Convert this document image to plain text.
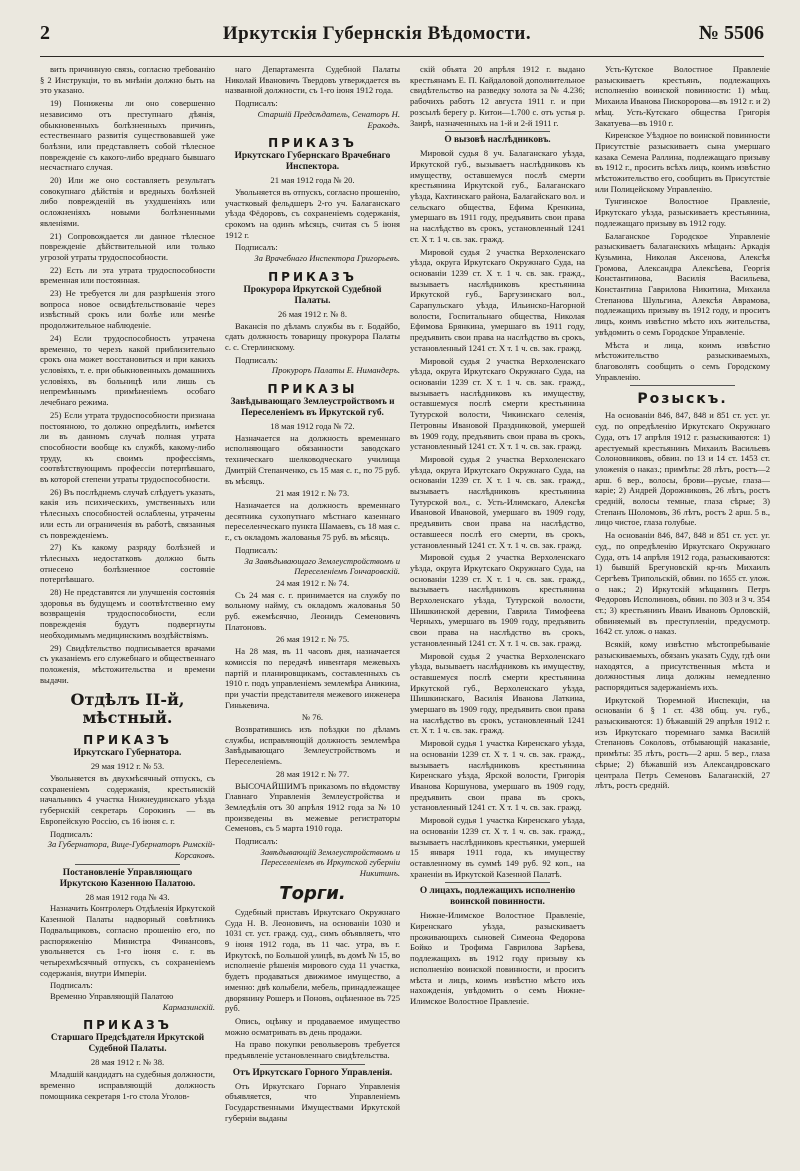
2	Иркутскія Губернскія Вѣдомости.	№ 5506

вить причинную связь, согласно требованію § 2 Инструкціи, то въ мнѣніи должно быть на это указано.

19) Понижены ли оно совершенно независимо отъ преступнаго дѣянія, обыкновенныхъ болѣзненныхъ причинъ, естественнаго развитія существовавшей уже болѣзни, или представляетъ собой тѣлесное поврежденіе съ какого-либо вреднаго бывшаго несчастнаго случая.

20) Или же оно составляетъ результатъ совокупнаго дѣйствія и вредныхъ болѣзней либо поврежденій въ ухудшеніяхъ или осложненіяхъ новыми болѣзненными явленіями.

21) Сопровождается ли данное тѣлесное поврежденіе дѣйствительной или только угрозой утраты трудоспособности.

22) Есть ли эта утрата трудоспособности временная или постоянная.

23) Не требуется ли для разрѣшенія этого вопроса новое освидѣтельствованіе через извѣстный срокъ или болѣе или менѣе продолжительное наблюденіе.

24) Если трудоспособность утрачена временно, то черезъ какой приблизительно срокъ она может восстановиться и при какихъ условіяхъ, т. е. при обыкновенныхъ домашнихъ условіяхъ, въ больницѣ или лишь съ непремѣннымъ примѣненіемъ особаго лечебнаго режима.

25) Если утрата трудоспособности признана постоянною, то должно опредѣлить, имѣется ли въ данномъ случаѣ полная утрата способности вообще къ службѣ, какому-либо труду, къ своимъ профессіямъ, соотвѣтствующимъ профессіи потерпѣвшаго, въ которой степени утраты трудоспособности.

26) Въ послѣднемъ случаѣ слѣдуетъ указать, какія изъ психическихъ, умственныхъ или тѣлесныхъ способностей ослаблены, утрачены или есть ли ограниченія въ работѣ, связанныя съ поврежденіемъ.

27) Къ какому разряду болѣзней и тѣлесныхъ недостатковъ должно быть отнесено болѣзненное состояніе потерпѣвшаго.

28) Не представятся ли улучшенія состоянія здоровья въ будущемъ и соотвѣтственно ему возвращенія трудоспособности, если поврежденія будутъ подвергнуты необходимымъ медицинскимъ воздѣйствіямъ.

29) Свидѣтельство подписывается врачами съ указаніемъ его служебнаго и общественнаго положенія, мѣстожительства и времени выдачи.

Отдѣлъ II-й, мѣстный.
ПРИКАЗЪ
Иркутскаго Губернатора.
29 мая 1912 г. № 53.

Увольняется въ двухмѣсячный отпускъ, съ сохраненіемъ содержанія, крестьянскій начальникъ 4 участка Нижнеудинскаго уѣзда губернскій секретарь Сорокинъ — въ Европейскую Россію, съ 16 іюня с. г.

Подписалъ:
За Губернатора, Вице-Губернаторъ Римскій-Корсаковъ.
Постановленіе Управляющаго Иркутскою Казенною Палатою.
28 мая 1912 года № 43.

Назначить Контролеръ Отдѣленія Иркутской Казенной Палаты надворный совѣтникъ Подвальщиковъ, согласно прошенію его, по распоряженію Министра Финансовъ, увольняется съ 1-го іюня с. г. въ четырехмѣсячный отпускъ, съ сохраненіемъ содержанія, внутри Имперіи.

Подписалъ:
Временно Управляющій Палатою
Кармазинскій.
ПРИКАЗЪ
Старшаго Предсѣдателя Иркутской Судебной Палаты.
28 мая 1912 г. № 38.

Младшій кандидатъ на судебныя должности, временно исправляющій должность помощника секретаря 1-го стола Уголов-

наго Департамента Судебной Палаты Николай Ивановичъ Твердовъ утверждается въ названной должности, съ 1-го іюня 1912 года.

Подписалъ:
Старшій Предсѣдатель, Сенаторъ Н. Еракодъ.
ПРИКАЗЪ
Иркутскаго Губернскаго Врачебнаго Инспектора.
21 мая 1912 года № 20.

Увольняется въ отпускъ, согласно прошенію, участковый фельдшеръ 2-го уч. Балаганскаго уѣзда Фёдоровъ, съ сохраненіемъ содержанія, срокомъ на одинъ мѣсяцъ, считая съ 5 іюня 1912 г.

Подписалъ:
За Врачебнаго Инспектора Григорьевъ.
ПРИКАЗЪ
Прокурора Иркутской Судебной Палаты.
26 мая 1912 г. № 8.

Вакансія по дѣламъ службы въ г. Бодайбо, сдать должность товарищу прокурора Палаты с. с. Стерлинскому.

Подписалъ:
Прокуроръ Палаты Е. Нимандеръ.
ПРИКАЗЫ
Завѣдывающаго Землеустройствомъ и Переселеніемъ въ Иркутской губ.
18 мая 1912 года № 72.

Назначается на должность временнаго исполняющаго обязанности заводскаго техническаго шелководческаго училища Дмитрій Степанченко, съ 15 мая с. г., по 75 руб. въ мѣсяцъ.

21 мая 1912 г. № 73.

Назначается на должность временнаго десятника сухопутнаго мѣстнаго казеннаго переселенческаго пункта Шамаевъ, съ 18 мая с. г., съ окладомъ жалованья 75 руб. въ мѣсяцъ.

Подписалъ:
За Завѣдывающаго Землеустройствомъ и Переселеніемъ Гончаровскій.
24 мая 1912 г. № 74.

Съ 24 мая с. г. принимается на службу по вольному найму, съ окладомъ жалованья 50 руб. ежемѣсячно, Леонидъ Семеновичъ Платоновъ.

26 мая 1912 г. № 75.

На 28 мая, въ 11 часовъ дня, назначается комиссія по передачѣ инвентаря межевыхъ партій и планировщикамъ, составленныхъ съ 1910 г. подъ управленіемъ землемѣра Аникина, при участіи представителя межевого инженера Гинькевича.

№ 76.

Возвратившись изъ поѣздки по дѣламъ службы, исправляющій должность землемѣра Завѣдывающаго Землеустройствомъ и Переселеніемъ.

28 мая 1912 г. № 77.

ВЫСОЧАЙШИМЪ приказомъ по вѣдомству Главнаго Управленія Землеустройства и Земледѣлія отъ 30 апрѣля 1912 года за № 10 произведены въ межевые регистраторы Семеновъ, съ 5 марта 1910 года.

Подписалъ:
Завѣдывающій Землеустройствомъ и Переселеніемъ въ Иркутской губерніи Никитинъ.
Торги.

Судебный приставъ Иркутскаго Окружнаго Суда Н. В. Леоновичъ, на основаніи 1030 и 1031 ст. уст. гражд. суд., симъ объявляетъ, что 9 іюня 1912 года, въ 11 час. утра, въ г. Иркутскѣ, по Большой улицѣ, въ домѣ № 15, во исполненіе рѣшенія мирового суда 11 участка, будетъ продаваться движимое имущество, а именно: двѣ колыбели, мебель, принадлежащее дворянину Рошеръ и Поновъ, оцѣненное въ 725 руб.

Опись, оцѣнку и продаваемое имущество можно осматривать въ день продажи.

На право покупки револьверовъ требуется предъявленіе установленнаго свидѣтельства.

Отъ Иркутскаго Горного Управленія.

Отъ Иркутскаго Горнаго Управленія объявляется, что Управленіемъ Государственными Имуществами Иркутской губерніи выданы

скій объята 20 апрѣля 1912 г. выдано крестьянамъ Е. П. Кайдаловой дополнительное свидѣтельство на разведку золота за № 4.236; рабочихъ работъ 12 августа 1911 г. и при розсылѣ берегу р. Китои—1.700 с. отъ устья р. Заирѣ, назначенныхъ на 1-й и 2-й 1911 г.

О вызовѣ наслѣдниковъ.

Мировой судья 8 уч. Балаганскаго уѣзда, Иркутской губ., вызываетъ наслѣдниковъ къ имуществу, оставшемуся послѣ смерти крестьянина Иркутской губ., Балаганскаго уѣзда, Кахтинскаго района, Балагайскаго вол. и сельскаго общества, Ефима Кренкина, умершаго въ 1911 году, предъявить свои права на наслѣдство въ срокъ, установленный 1241 ст. Х т. 1 ч. св. зак. гражд.

Мировой судья 2 участка Верхоленскаго уѣзда, округа Иркутскаго Окружнаго Суда, на основаніи 1239 ст. Х т. 1 ч. св. зак. гражд., вызываетъ наслѣдниковъ крестьянина Иркутской губ., Баргузинскаго вол., Сарапульскаго уѣзда, Ильинско-Нагорной волости, Госпитальнаго общества, Николая Ефимова Брянкина, умершаго въ 1911 году, предъявить свои права на наслѣдство въ срокъ, установленный 1241 ст. Х т. 1 ч. св. зак. гражд.

Мировой судья 2 участка Верхоленскаго уѣзда, округа Иркутскаго Окружнаго Суда, на основаніи 1239 ст. Х т. 1 ч. св. зак. гражд., вызываетъ наслѣдниковъ къ имуществу, оставшемуся послѣ смерти крестьянина Тутурской волости, Чикинскаго селенія, Петровны Ивановой Праздниковой, умершей въ 1909 году, предъявить свои права въ срокъ, установленный 1241 ст. Х т. 1 ч. св. зак. гражд.

Мировой судья 2 участка Верхоленскаго уѣзда, округа Иркутскаго Окружнаго Суда, на основаніи 1239 ст. Х т. 1 ч. св. зак. гражд., вызываетъ наслѣдниковъ крестьянина Тутурской вол., с. Усть-Илимскаго, Алексѣя Ивановой Ивановой, умершаго въ 1909 году, предъявить свои права на наслѣдство, оставшееся послѣ его смерти, въ срокъ, установленный 1241 ст. Х т. 1 ч. св. зак. гражд.

Мировой судья 2 участка Верхоленскаго уѣзда, округа Иркутскаго Окружнаго Суда, на основаніи 1239 ст. Х т. 1 ч. св. зак. гражд., вызываетъ наслѣдниковъ крестьянина Верхоленскаго уѣзда, Тутурской волости, Шишкинской деревни, Гаврила Тимофеева Черныхъ, умершаго въ 1909 году, предъявить свои права на наслѣдство въ срокъ, установленный 1241 ст. Х т. 1 ч. св. зак. гражд.

Мировой судья 2 участка Верхоленскаго уѣзда, вызываетъ наслѣдниковъ къ имуществу, оставшемуся послѣ смерти крестьянина Иркутской губ., Верхоленскаго уѣзда, Шишкинскаго, Василія Иванова Латкина, умершаго въ 1909 году, предъявить свои права на наслѣдство въ срокъ, установленный 1241 ст. Х т. 1 ч. св. зак. гражд.

Мировой судья 1 участка Киренскаго уѣзда, на основаніи 1239 ст. Х т. 1 ч. св. зак. гражд., вызываетъ наслѣдниковъ крестьянина Киренскаго уѣзда, Ярской волости, Григорія Иванова Коршунова, умершаго въ 1909 году, предъявить свои права въ срокъ, установленный 1241 ст. Х т. 1 ч. св. зак. гражд.

Мировой судья 1 участка Киренскаго уѣзда, на основаніи 1239 ст. Х т. 1 ч. св. зак. гражд., вызываетъ наслѣдниковъ крестьянки, умершей 15 января 1911 года, къ имуществу оставленному въ суммѣ 149 руб. 92 коп., на храненіи въ Иркутской Казенной Палатѣ.

О лицахъ, подлежащихъ исполненію воинской повинности.

Нижне-Илимское Волостное Правленіе, Киренскаго уѣзда, разыскиваетъ проживающихъ сыновей Симеона Федорова Бойко и Трофима Гаврилова Зарѣева, подлежащихъ въ 1912 году призыву къ исполненію воинской повинности, и проситъ мѣста и лицъ, коимъ извѣстно мѣсто ихъ нахожденія, увѣдомить о семъ Нижне-Илимское Волостное Правленіе.

Усть-Кутское Волостное Правленіе разыскиваетъ крестьянъ, подлежащихъ исполненію воинской повинности: 1) мѣщ. Михаила Иванова Пискоророва—въ 1912 г. и 2) мѣщ. Усть-Кутскаго общества Григорія Закатуева—въ 1910 г.

Киренское Уѣздное по воинской повинности Присутствіе разыскиваетъ сына умершаго казака Семена Раллина, подлежащаго призыву въ 1912 г., просить всѣхъ лицъ, коимъ извѣстно мѣстожительство его, сообщить въ Присутствіе или Полицейскому Управленію.

Тунгинское Волостное Правленіе, Иркутскаго уѣзда, разыскиваетъ крестьянина, подлежащаго призыву въ 1912 году.

Балаганское Городское Управленіе разыскиваетъ балаганскихъ мѣщанъ: Аркадія Кузьмина, Николая Аксенова, Алексѣя Громова, Александра Алексѣева, Георгія Константинова, Василія Васильева, Константина Гаврилова Никитина, Михаила Степанова Шульгина, Алексѣя Аврамова, подлежащихъ призыву въ 1912 году, и проситъ лицъ, коимъ извѣстно мѣсто ихъ жительства, увѣдомить о семъ Городское Управленіе.

Мѣста и лица, коимъ извѣстно мѣстожительство разыскиваемыхъ, благоволятъ сообщить о семъ Городскому Управленію.

Розыскъ.

На основаніи 846, 847, 848 и 851 ст. уст. уг. суд. по опредѣленію Иркутскаго Окружнаго Суда, отъ 17 апрѣля 1912 г. разыскиваются: 1) арестуемый крестьянинъ Михаилъ Васильевъ Солоновниковъ, обвин. по 13 и 14 ст. 1453 ст. уложенія о наказ.; примѣты: 28 лѣтъ, ростъ—2 арш. 6 вер., волосы, брови—русые, глаза—карiе; 2) Андрей Дорожниковъ, 26 лѣтъ, ростъ средній, волосы темные, глаза сѣрые; 3) Степанъ Шоломовъ, 36 лѣтъ, ростъ 2 арш. 5 в., лицо чистое, глаза голубые.

На основаніи 846, 847, 848 и 851 ст. уст. уг. суд., по опредѣленію Иркутскаго Окружнаго Суда, отъ 14 апрѣля 1912 года, разыскиваются: 1) бывшій Брегуновскій кр-нъ Михаилъ Сергѣевъ Трипольскій, обвин. по 1655 ст. улож. о нак.; 2) Иркутскій мѣщанинъ Петръ Федоровъ Исполиновъ, обвин. по 303 и 3 ч. 354 ст.; 3) крестьянинъ Иванъ Ивановъ Орловскій, обвиняемый въ преступленіи, предусмотр. 1642 ст. улож. о наказ.

Всякій, кому извѣстно мѣстопребываніе разыскиваемыхъ, обязанъ указать Суду, гдѣ они находятся, а присутственныя мѣста и должностныя лица должны немедленно распорядиться задержаніемъ ихъ.

Иркутской Тюремной Инспекціи, на основаніи 6 § 1 ст. 438 общ. уч. губ., разыскиваются: 1) бѣжавшій 29 апрѣля 1912 г. изъ Иркутскаго тюремнаго замка Василій Степановъ Соколовъ, отбывающій наказаніе, примѣты: 35 лѣтъ, ростъ—2 арш. 5 вер., глаза сѣрые; 2) бѣжавшій изъ Александровскаго централа Петръ Семеновъ Балаганскій, 27 лѣтъ, ростъ средній.
